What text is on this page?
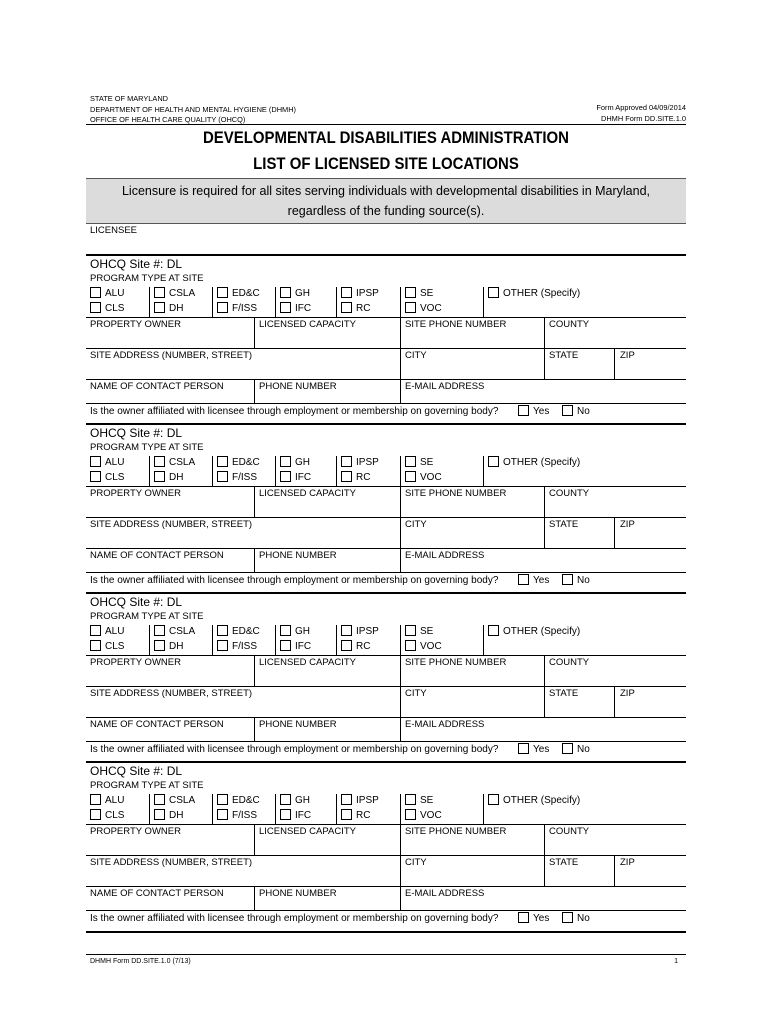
STATE OF MARYLAND
DEPARTMENT OF HEALTH AND MENTAL HYGIENE (DHMH)
OFFICE OF HEALTH CARE QUALITY (OHCQ)
Form Approved 04/09/2014
DHMH Form DD.SITE.1.0
DEVELOPMENTAL DISABILITIES ADMINISTRATION
LIST OF LICENSED SITE LOCATIONS
Licensure is required for all sites serving individuals with developmental disabilities in Maryland,
regardless of the funding source(s).
LICENSEE
OHCQ Site #: DL
PROGRAM TYPE AT SITE
ALU	CSLA	ED&C	GH	IPSP	SE	OTHER (Specify)
CLS	DH	F/ISS	IFC	RC	VOC
PROPERTY OWNER	LICENSED CAPACITY	SITE PHONE NUMBER	COUNTY
SITE ADDRESS (NUMBER, STREET)	CITY	STATE	ZIP
NAME OF CONTACT PERSON	PHONE NUMBER	E-MAIL ADDRESS
Is the owner affiliated with licensee through employment or membership on governing body?	Yes	No
OHCQ Site #: DL
PROGRAM TYPE AT SITE
ALU	CSLA	ED&C	GH	IPSP	SE	OTHER (Specify)
CLS	DH	F/ISS	IFC	RC	VOC
PROPERTY OWNER	LICENSED CAPACITY	SITE PHONE NUMBER	COUNTY
SITE ADDRESS (NUMBER, STREET)	CITY	STATE	ZIP
NAME OF CONTACT PERSON	PHONE NUMBER	E-MAIL ADDRESS
Is the owner affiliated with licensee through employment or membership on governing body?	Yes	No
OHCQ Site #: DL
PROGRAM TYPE AT SITE
ALU	CSLA	ED&C	GH	IPSP	SE	OTHER (Specify)
CLS	DH	F/ISS	IFC	RC	VOC
PROPERTY OWNER	LICENSED CAPACITY	SITE PHONE NUMBER	COUNTY
SITE ADDRESS (NUMBER, STREET)	CITY	STATE	ZIP
NAME OF CONTACT PERSON	PHONE NUMBER	E-MAIL ADDRESS
Is the owner affiliated with licensee through employment or membership on governing body?	Yes	No
OHCQ Site #: DL
PROGRAM TYPE AT SITE
ALU	CSLA	ED&C	GH	IPSP	SE	OTHER (Specify)
CLS	DH	F/ISS	IFC	RC	VOC
PROPERTY OWNER	LICENSED CAPACITY	SITE PHONE NUMBER	COUNTY
SITE ADDRESS (NUMBER, STREET)	CITY	STATE	ZIP
NAME OF CONTACT PERSON	PHONE NUMBER	E-MAIL ADDRESS
Is the owner affiliated with licensee through employment or membership on governing body?	Yes	No
DHMH Form DD.SITE.1.0 (7/13)	1
